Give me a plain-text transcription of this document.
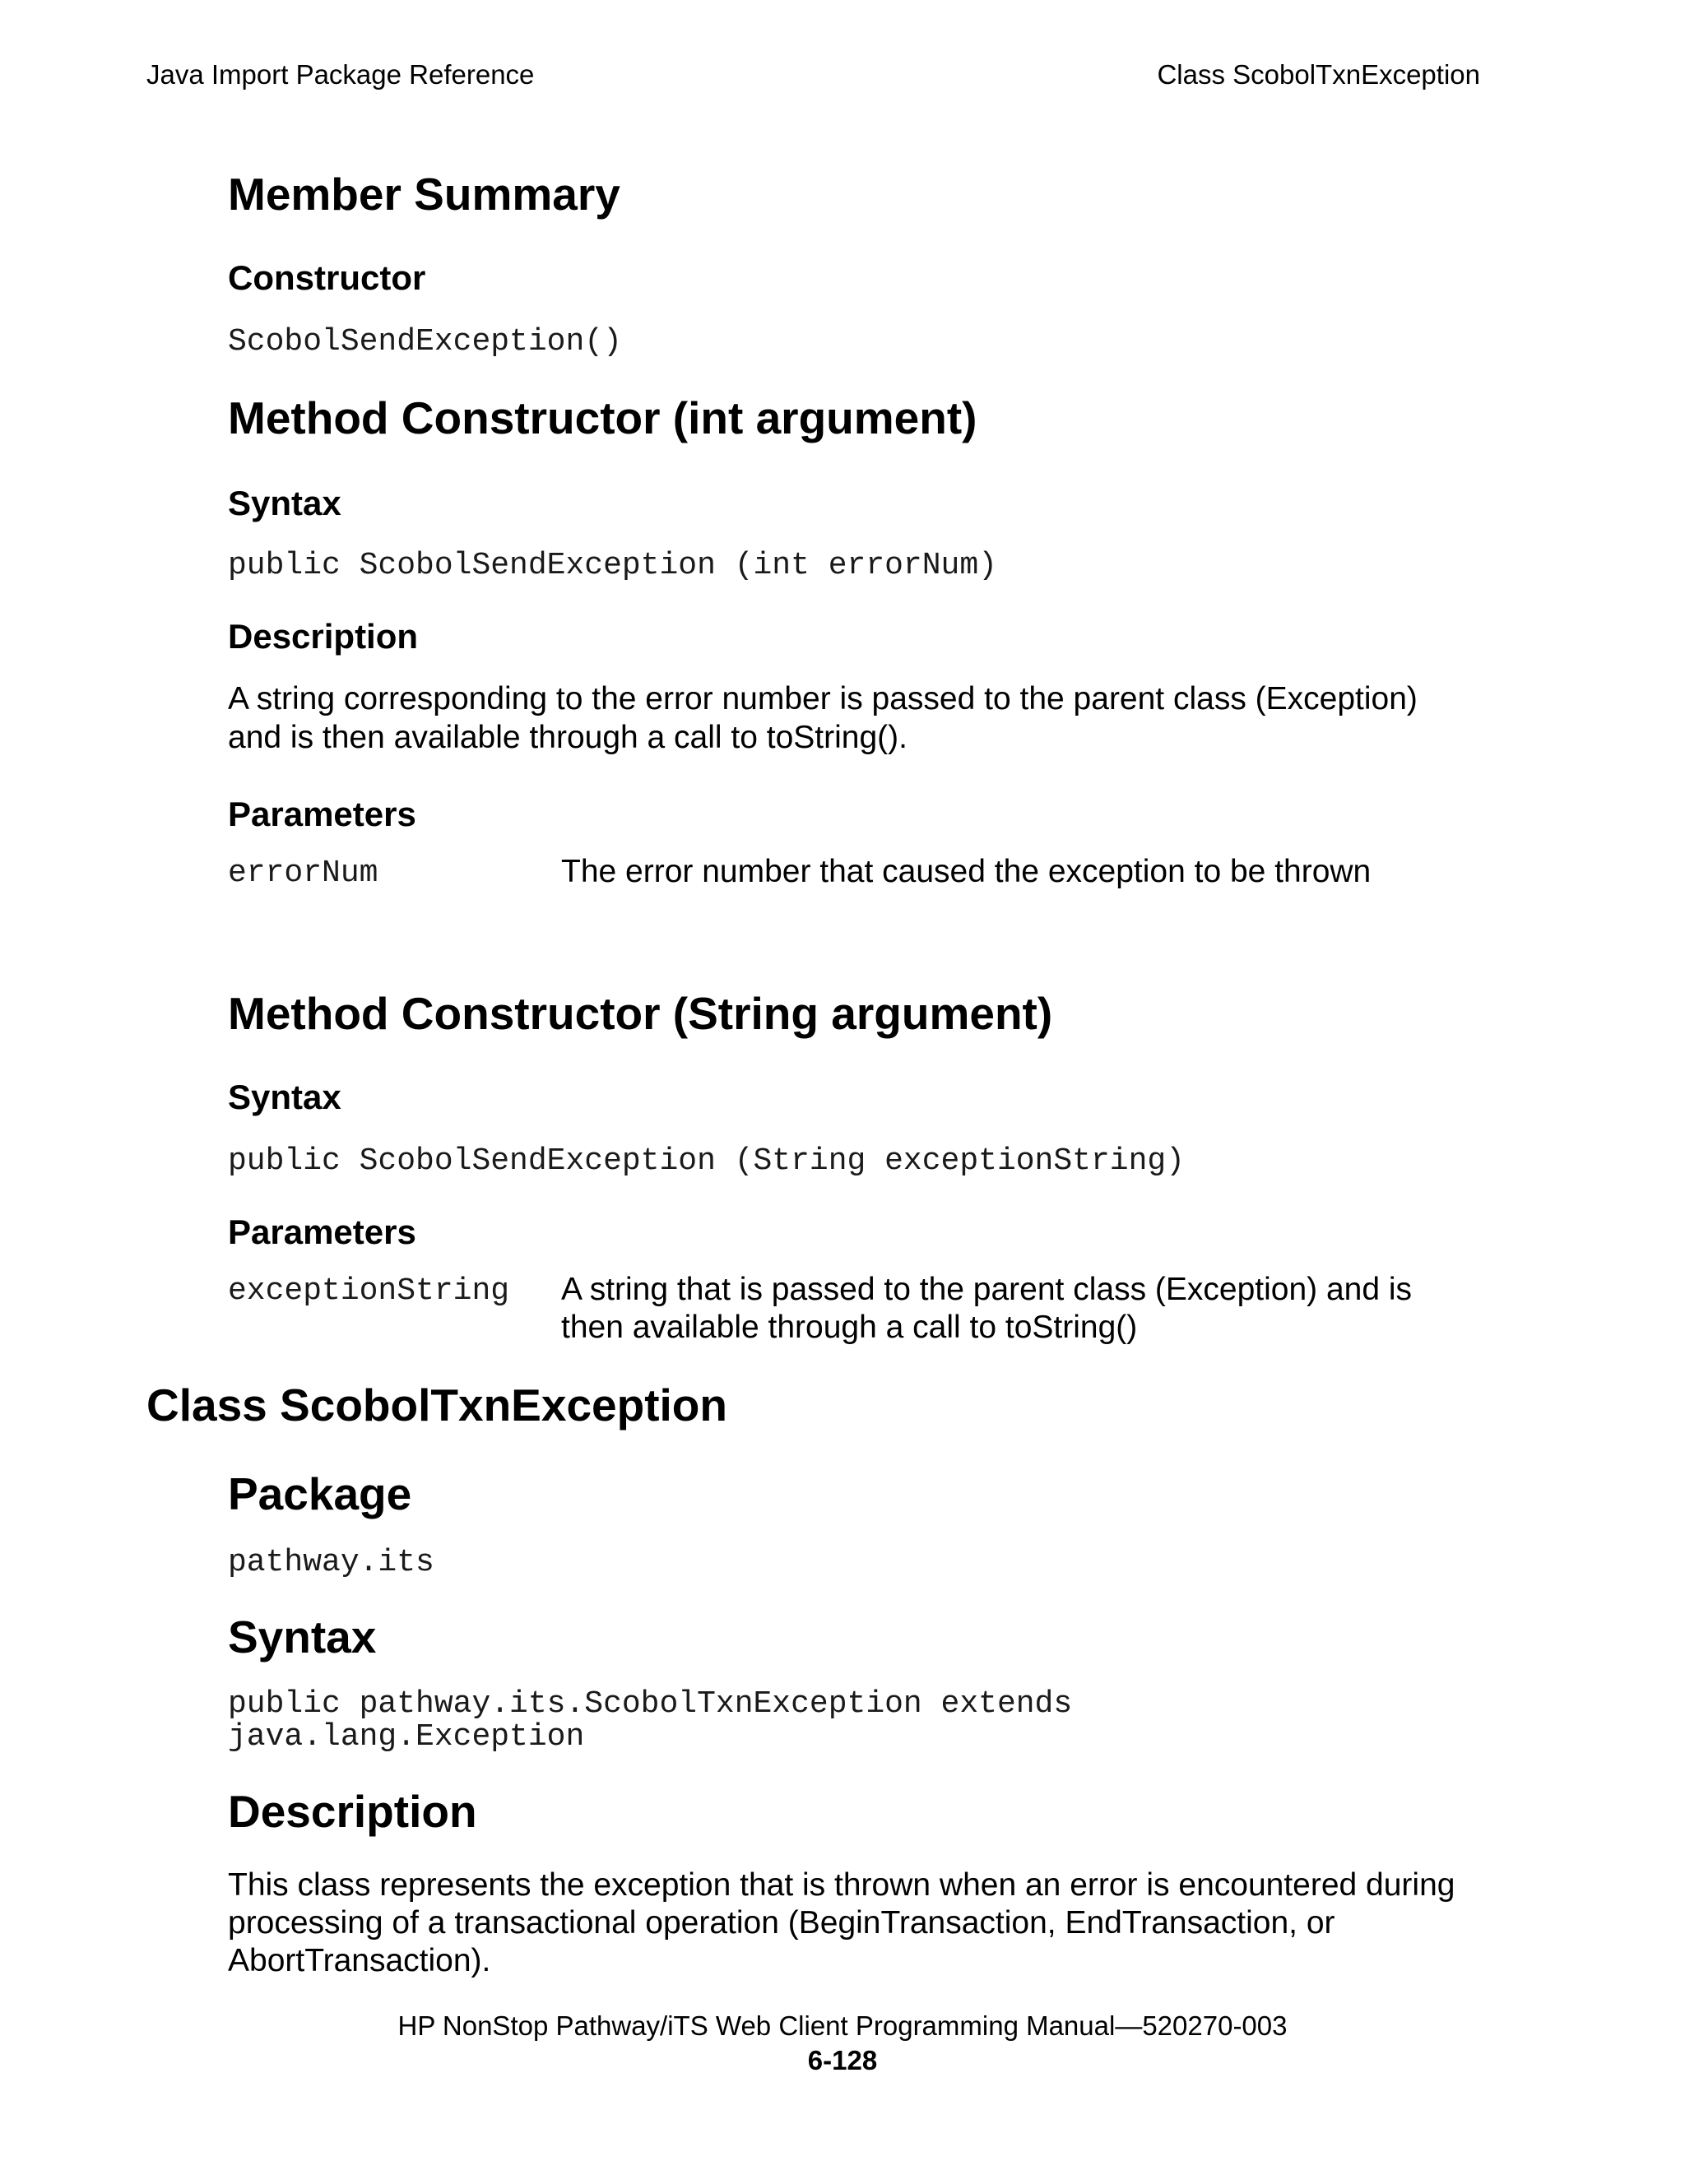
Java Import Package Reference	Class ScobolTxnException
Member Summary
Constructor
ScobolSendException()
Method Constructor (int argument)
Syntax
public ScobolSendException (int errorNum)
Description
A string corresponding to the error number is passed to the parent class (Exception)
and is then available through a call to toString().
Parameters
errorNum	The error number that caused the exception to be thrown
Method Constructor (String argument)
Syntax
public ScobolSendException (String exceptionString)
Parameters
exceptionString A string that is passed to the parent class (Exception) and is
then available through a call to toString()
Class ScobolTxnException
Package
pathway.its
Syntax
public pathway.its.ScobolTxnException extends
java.lang.Exception
Description
This class represents the exception that is thrown when an error is encountered during
processing of a transactional operation (BeginTransaction, EndTransaction, or
AbortTransaction).
HP NonStop Pathway/iTS Web Client Programming Manual—520270-003
6-128
